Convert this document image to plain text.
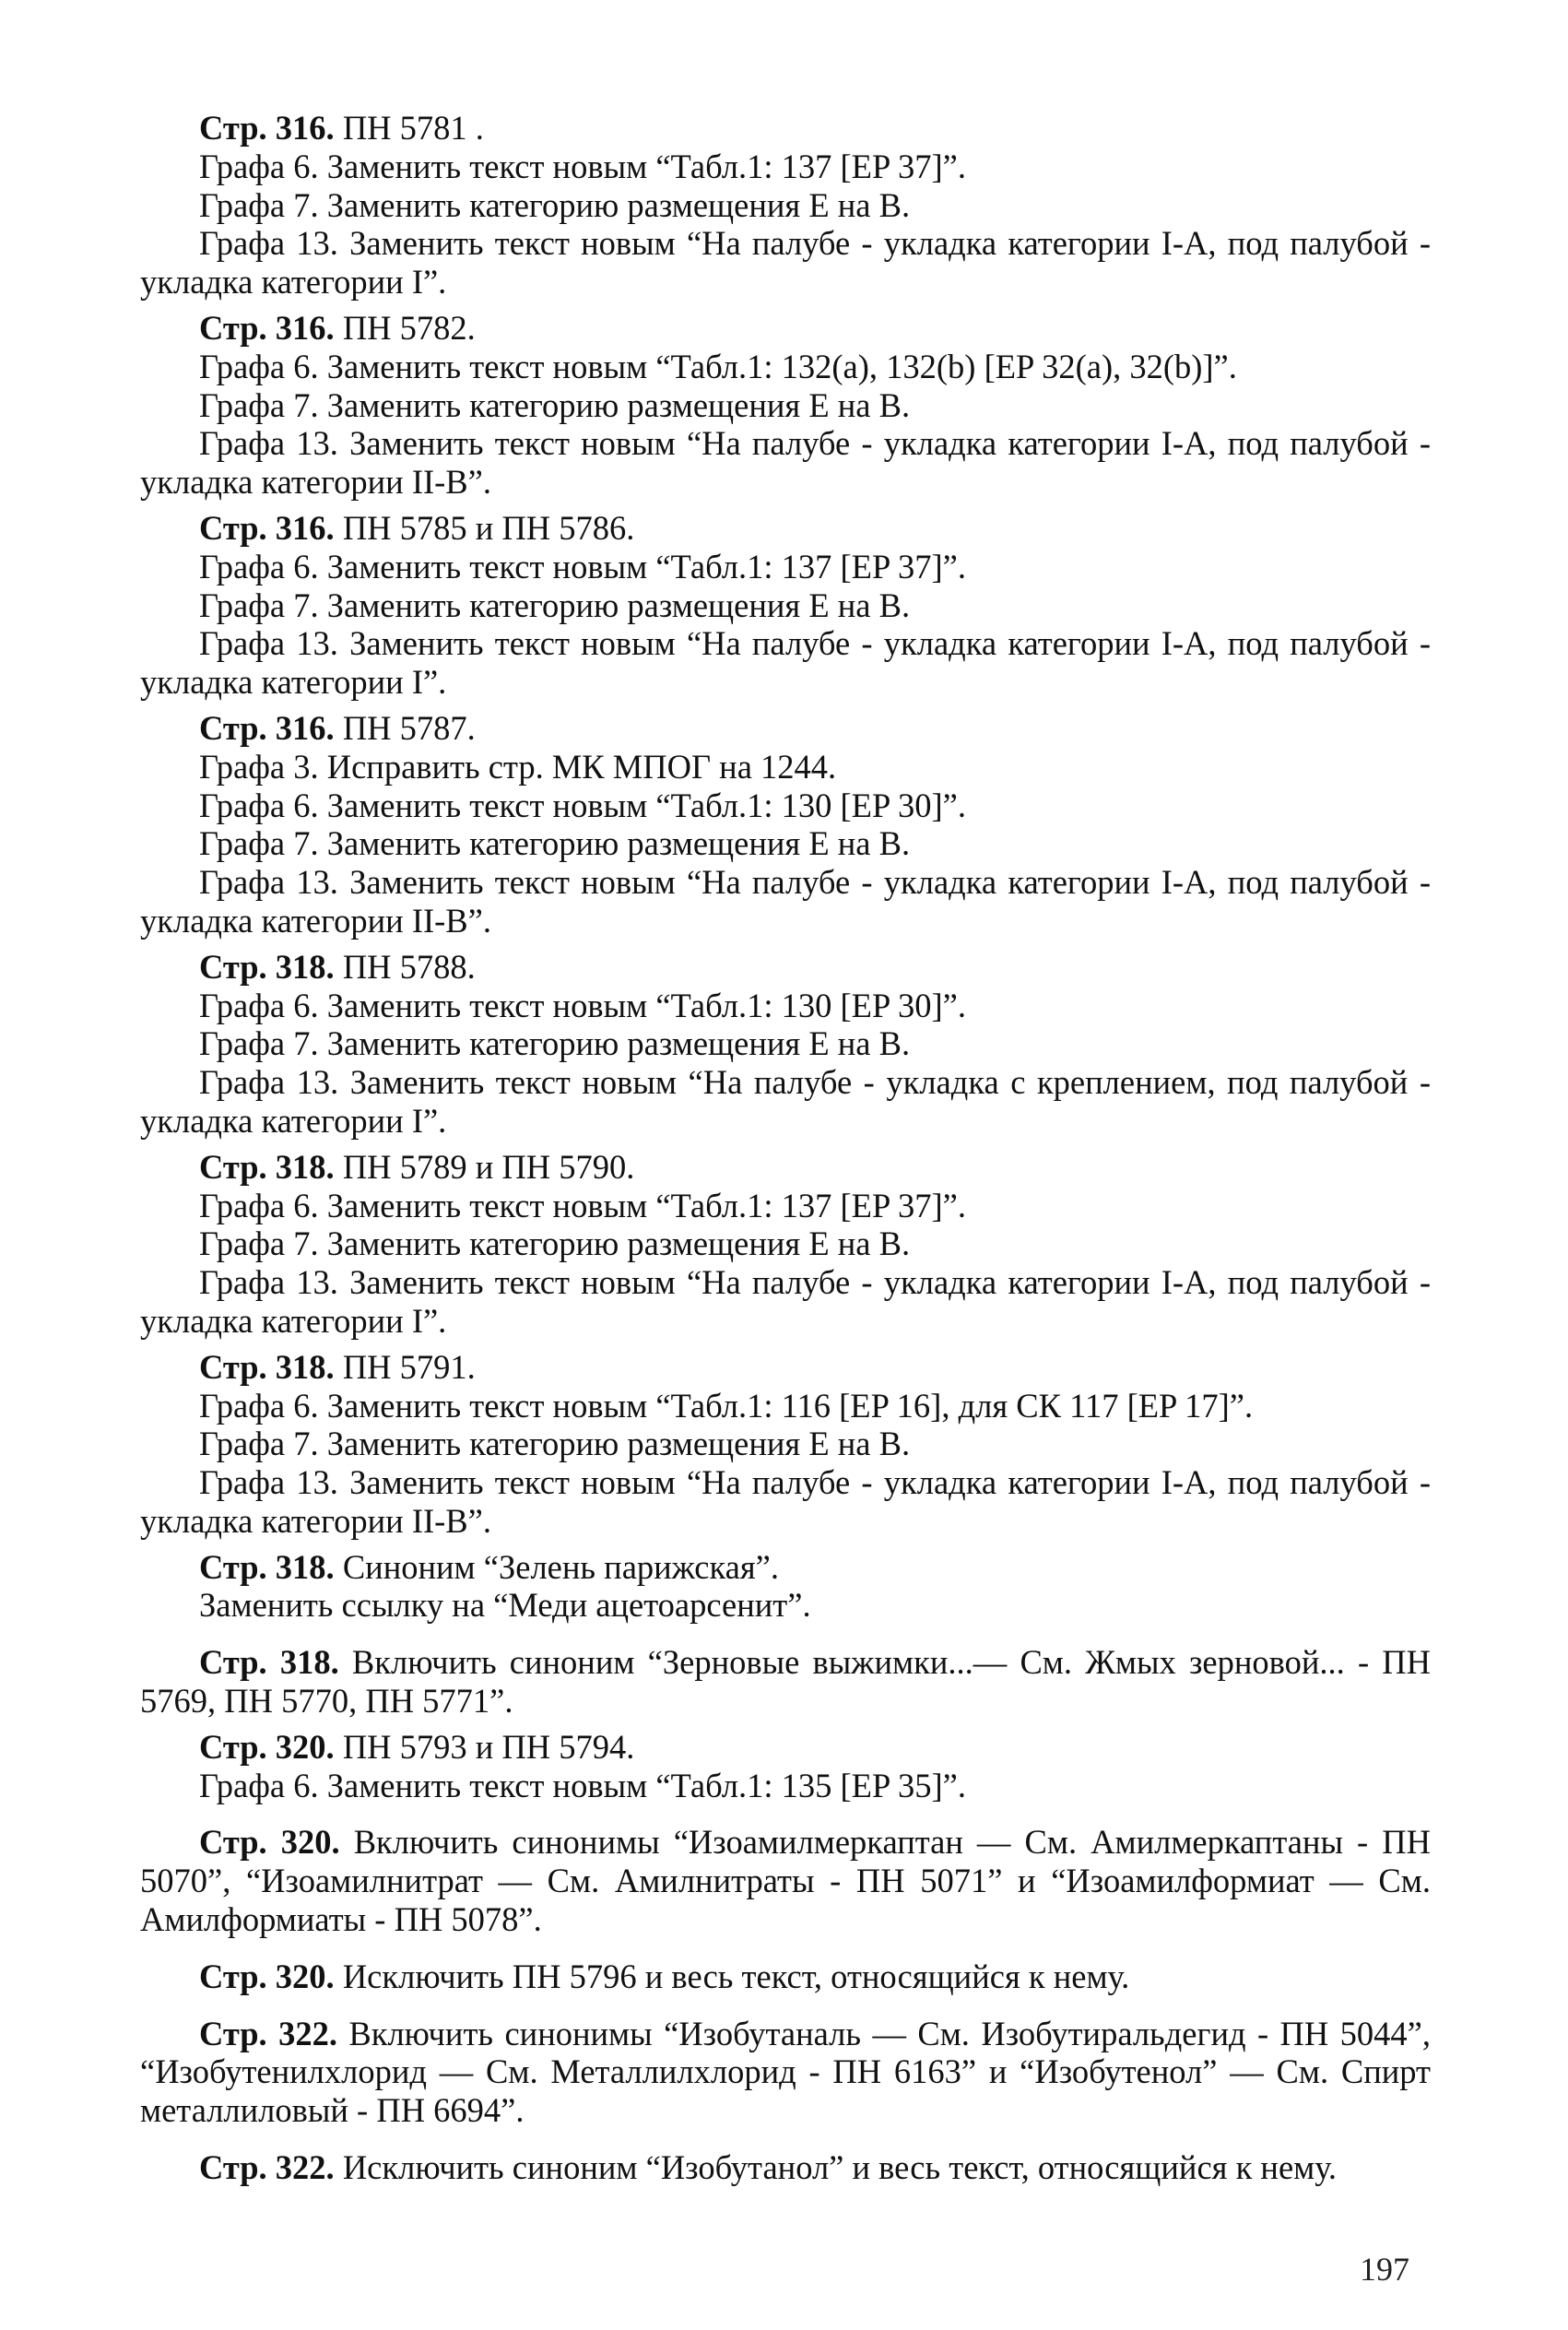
Стр. 316. ПН 5781 .
Графа 6. Заменить текст новым “Табл.1: 137 [EP 37]”.
Графа 7. Заменить категорию размещения Е на В.
Графа 13. Заменить текст новым “На палубе - укладка категории I-A, под палубой - укладка категории I”.
Стр. 316. ПН 5782.
Графа 6. Заменить текст новым “Табл.1: 132(a), 132(b) [EP 32(a), 32(b)]”.
Графа 7. Заменить категорию размещения Е на В.
Графа 13. Заменить текст новым “На палубе - укладка категории I-A, под палубой - укладка категории II-В”.
Стр. 316. ПН 5785 и ПН 5786.
Графа 6. Заменить текст новым “Табл.1: 137 [EP 37]”.
Графа 7. Заменить категорию размещения Е на В.
Графа 13. Заменить текст новым “На палубе - укладка категории I-A, под палубой - укладка категории I”.
Стр. 316. ПН 5787.
Графа 3. Исправить стр. МК МПОГ на 1244.
Графа 6. Заменить текст новым “Табл.1: 130 [EP 30]”.
Графа 7. Заменить категорию размещения Е на В.
Графа 13. Заменить текст новым “На палубе - укладка категории I-A, под палубой - укладка категории II-В”.
Стр. 318. ПН 5788.
Графа 6. Заменить текст новым “Табл.1: 130 [EP 30]”.
Графа 7. Заменить категорию размещения Е на В.
Графа 13. Заменить текст новым “На палубе - укладка с креплением, под палубой - укладка категории I”.
Стр. 318. ПН 5789 и ПН 5790.
Графа 6. Заменить текст новым “Табл.1: 137 [EP 37]”.
Графа 7. Заменить категорию размещения Е на В.
Графа 13. Заменить текст новым “На палубе - укладка категории I-A, под палубой - укладка категории I”.
Стр. 318. ПН 5791.
Графа 6. Заменить текст новым “Табл.1: 116 [EP 16], для СК 117 [EP 17]”.
Графа 7. Заменить категорию размещения Е на В.
Графа 13. Заменить текст новым “На палубе - укладка категории I-A, под палубой - укладка категории II-В”.
Стр. 318. Синоним “Зелень парижская”.
Заменить ссылку на “Меди ацетоарсенит”.
Стр. 318. Включить синоним “Зерновые выжимки...— См. Жмых зерновой... - ПН 5769, ПН 5770, ПН 5771”.
Стр. 320. ПН 5793 и ПН 5794.
Графа 6. Заменить текст новым “Табл.1: 135 [EP 35]”.
Стр. 320. Включить синонимы “Изоамилмеркаптан — См. Амилмеркаптаны - ПН 5070”, “Изоамилнитрат — См. Амилнитраты - ПН 5071” и “Изоамилформиат — См. Амилформиаты - ПН 5078”.
Стр. 320. Исключить ПН 5796 и весь текст, относящийся к нему.
Стр. 322. Включить синонимы “Изобутаналь — См. Изобутиральдегид - ПН 5044”, “Изобутенилхлорид — См. Металлилхлорид - ПН 6163” и “Изобутенол” — См. Спирт металлиловый - ПН 6694”.
Стр. 322. Исключить синоним “Изобутанол” и весь текст, относящийся к нему.
197
